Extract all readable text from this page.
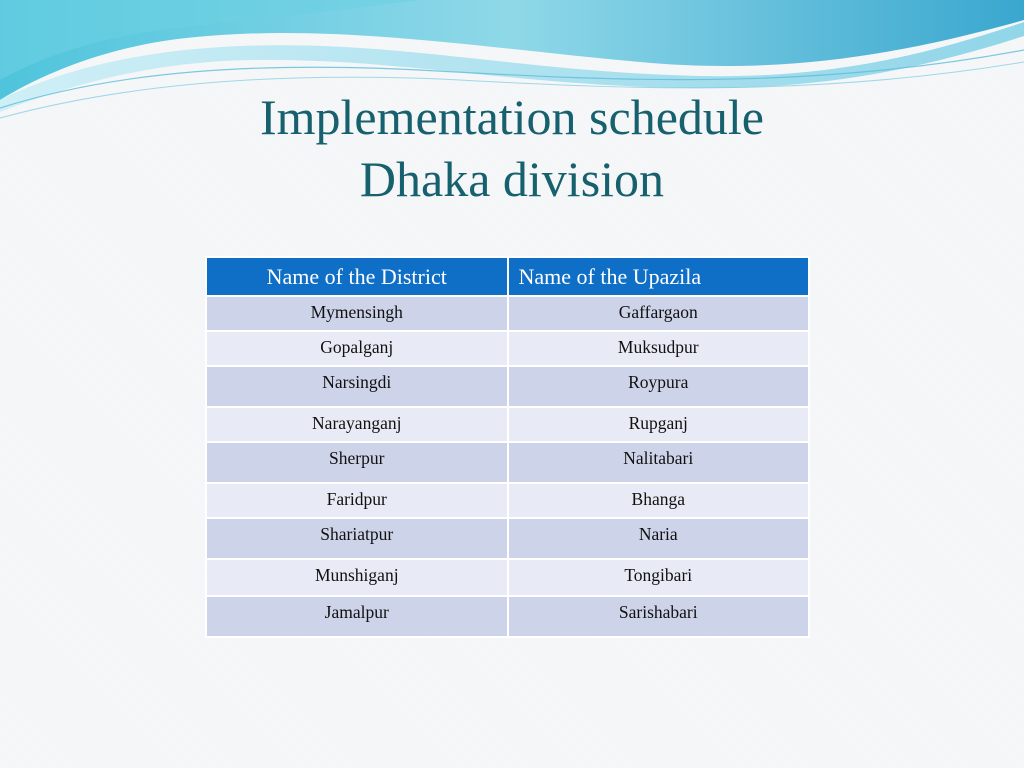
Implementation schedule
Dhaka division
Name of the District	Name of the Upazila
Mymensingh	Gaffargaon
Gopalganj	Muksudpur
Narsingdi	Roypura
Narayanganj	Rupganj
Sherpur	Nalitabari
Faridpur	Bhanga
Shariatpur	Naria
Munshiganj	Tongibari
Jamalpur	Sarishabari
